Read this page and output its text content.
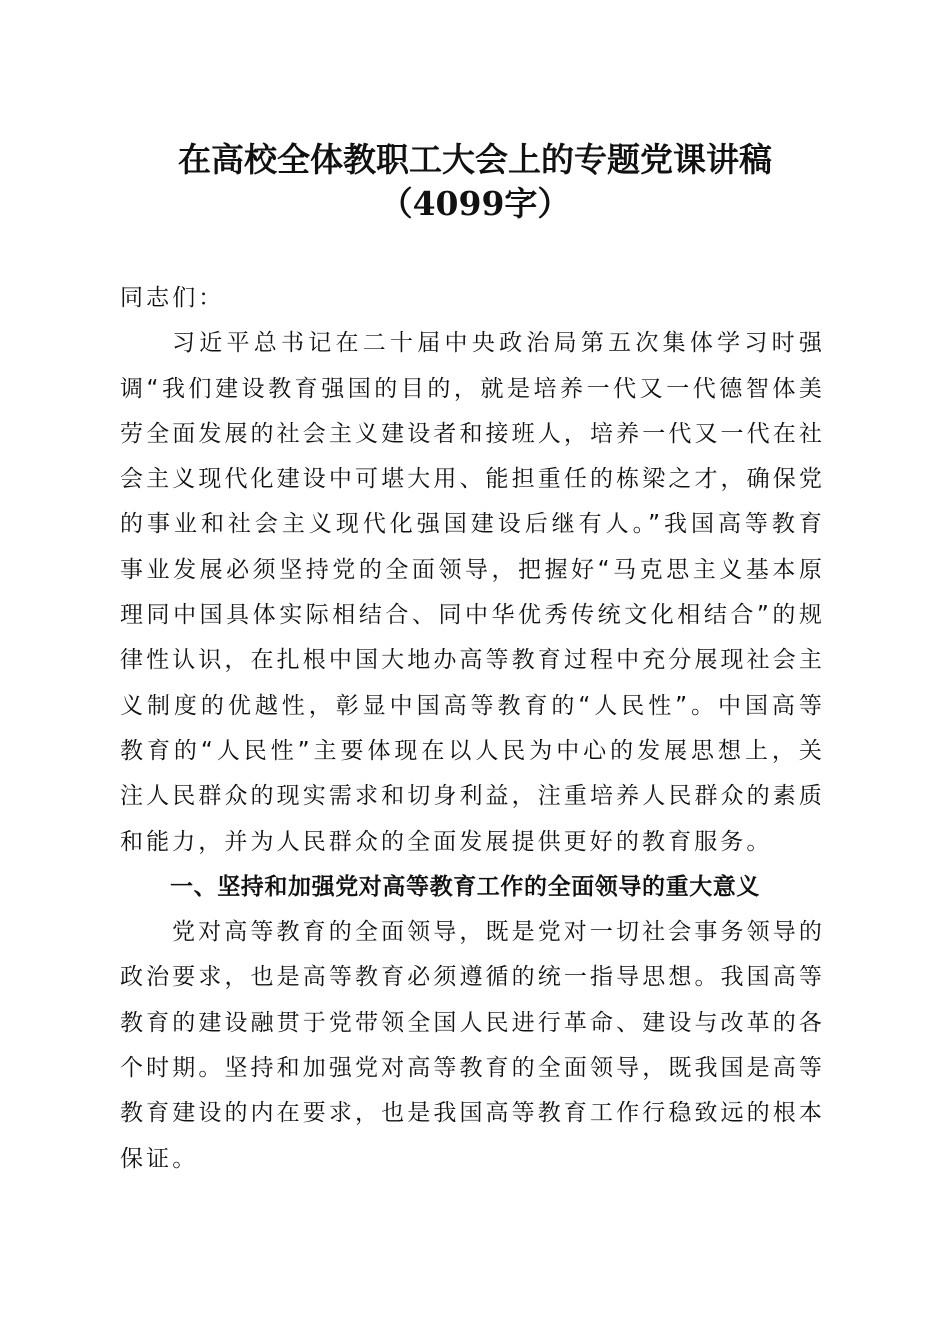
在高校全体教职工大会上的专题党课讲稿
（4099字）

同志们：

习近平总书记在二十届中央政治局第五次集体学习时强调“我们建设教育强国的目的，就是培养一代又一代德智体美劳全面发展的社会主义建设者和接班人，培养一代又一代在社会主义现代化建设中可堪大用、能担重任的栋梁之才，确保党的事业和社会主义现代化强国建设后继有人。”我国高等教育事业发展必须坚持党的全面领导，把握好“马克思主义基本原理同中国具体实际相结合、同中华优秀传统文化相结合”的规律性认识，在扎根中国大地办高等教育过程中充分展现社会主义制度的优越性，彰显中国高等教育的“人民性”。中国高等教育的“人民性”主要体现在以人民为中心的发展思想上，关注人民群众的现实需求和切身利益，注重培养人民群众的素质和能力，并为人民群众的全面发展提供更好的教育服务。

一、坚持和加强党对高等教育工作的全面领导的重大意义

党对高等教育的全面领导，既是党对一切社会事务领导的政治要求，也是高等教育必须遵循的统一指导思想。我国高等教育的建设融贯于党带领全国人民进行革命、建设与改革的各个时期。坚持和加强党对高等教育的全面领导，既我国是高等教育建设的内在要求，也是我国高等教育工作行稳致远的根本保证。
